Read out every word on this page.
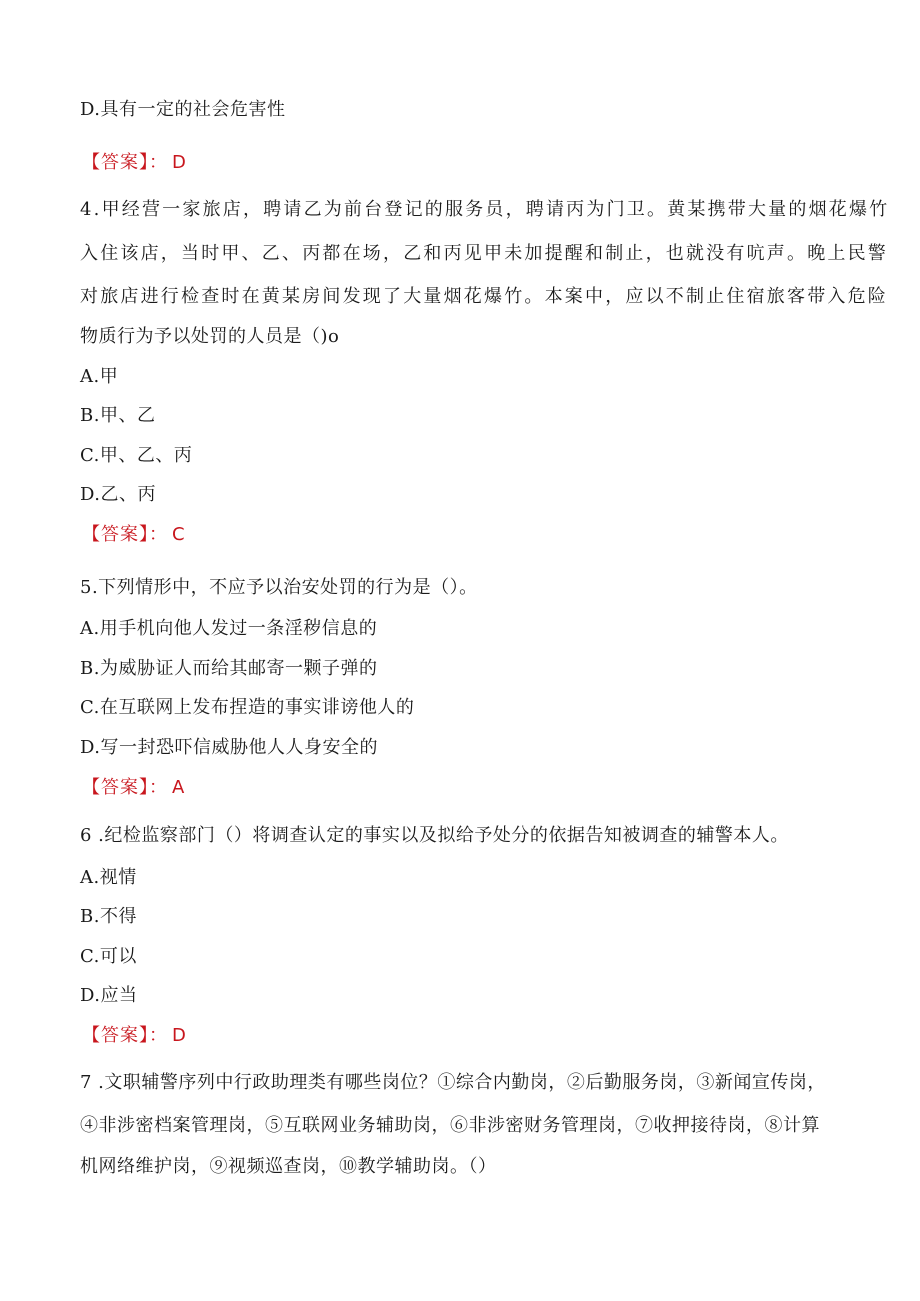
D.具有一定的社会危害性
【答案】： D
4.甲经营一家旅店，聘请乙为前台登记的服务员，聘请丙为门卫。黄某携带大量的烟花爆竹
入住该店，当时甲、乙、丙都在场，乙和丙见甲未加提醒和制止，也就没有吭声。晚上民警
对旅店进行检查时在黄某房间发现了大量烟花爆竹。本案中，应以不制止住宿旅客带入危险
物质行为予以处罚的人员是（)o
A.甲
B.甲、乙
C.甲、乙、丙
D.乙、丙
【答案】： C
5.下列情形中，不应予以治安处罚的行为是（）。
A.用手机向他人发过一条淫秽信息的
B.为威胁证人而给其邮寄一颗子弹的
C.在互联网上发布捏造的事实诽谤他人的
D.写一封恐吓信威胁他人人身安全的
【答案】： A
6 .纪检监察部门（）将调查认定的事实以及拟给予处分的依据告知被调查的辅警本人。
A.视情
B.不得
C.可以
D.应当
【答案】： D
7 .文职辅警序列中行政助理类有哪些岗位？①综合内勤岗，②后勤服务岗，③新闻宣传岗，
④非涉密档案管理岗，⑤互联网业务辅助岗，⑥非涉密财务管理岗，⑦收押接待岗，⑧计算
机网络维护岗，⑨视频巡查岗，⑩教学辅助岗。（）
